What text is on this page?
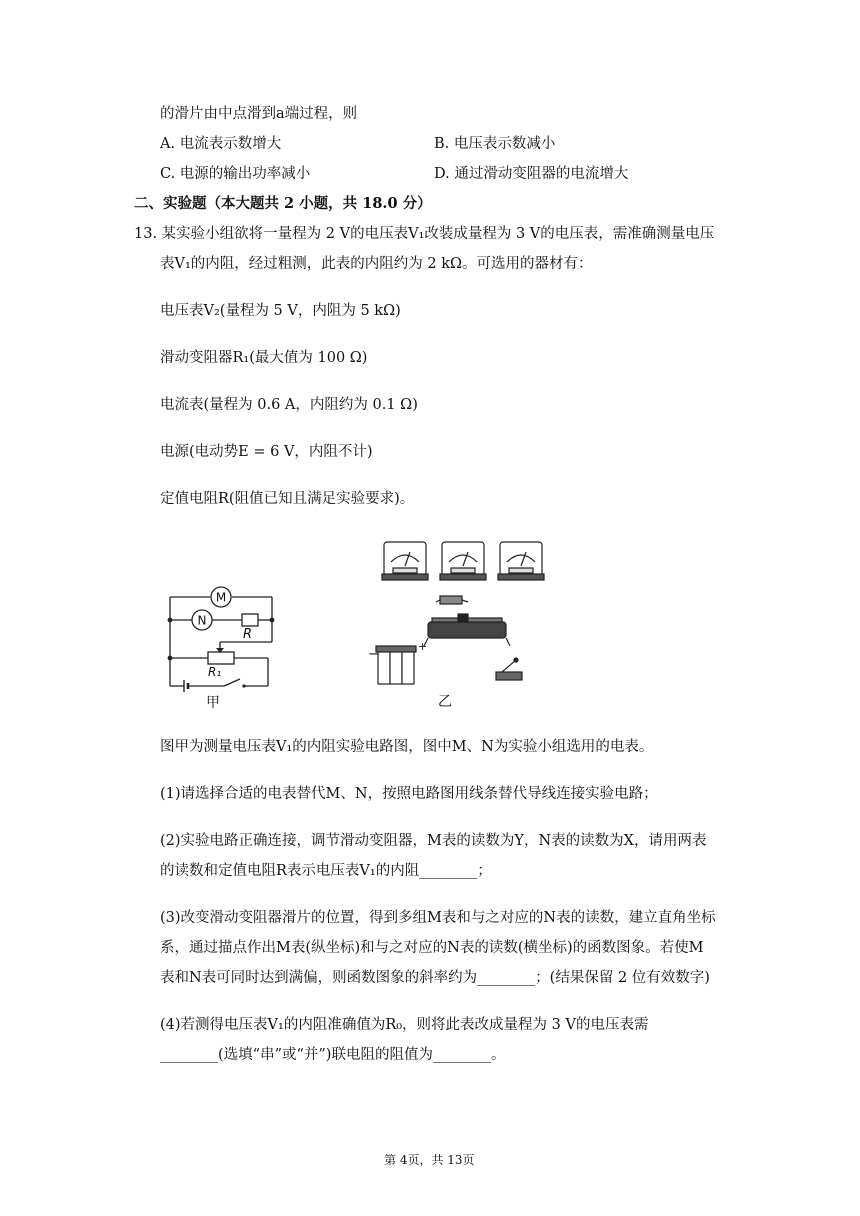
的滑片由中点滑到a端过程，则
A. 电流表示数增大	B. 电压表示数减小
C. 电源的输出功率减小	D. 通过滑动变阻器的电流增大
二、实验题（本大题共 2 小题，共 18.0 分）
13. 某实验小组欲将一量程为 2 V的电压表V₁改装成量程为 3 V的电压表，需准确测量电压
表V₁的内阻，经过粗测，此表的内阻约为 2 kΩ。可选用的器材有：
电压表V₂(量程为 5 V，内阻为 5 kΩ)
滑动变阻器R₁(最大值为 100 Ω)
电流表(量程为 0.6 A，内阻约为 0.1 Ω)
电源(电动势E = 6 V，内阻不计)
定值电阻R(阻值已知且满足实验要求)。
M
N
R
R₁
甲
−
+
乙
图甲为测量电压表V₁的内阻实验电路图，图中M、N为实验小组选用的电表。
(1)请选择合适的电表替代M、N，按照电路图用线条替代导线连接实验电路；
(2)实验电路正确连接，调节滑动变阻器，M表的读数为Y，N表的读数为X，请用两表
的读数和定值电阻R表示电压表V₁的内阻________；
(3)改变滑动变阻器滑片的位置，得到多组M表和与之对应的N表的读数，建立直角坐标
系，通过描点作出M表(纵坐标)和与之对应的N表的读数(横坐标)的函数图象。若使M
表和N表可同时达到满偏，则函数图象的斜率约为________；(结果保留 2 位有效数字)
(4)若测得电压表V₁的内阻准确值为R₀，则将此表改成量程为 3 V的电压表需
________(选填“串”或“并”)联电阻的阻值为________。
第 4页，共 13页
